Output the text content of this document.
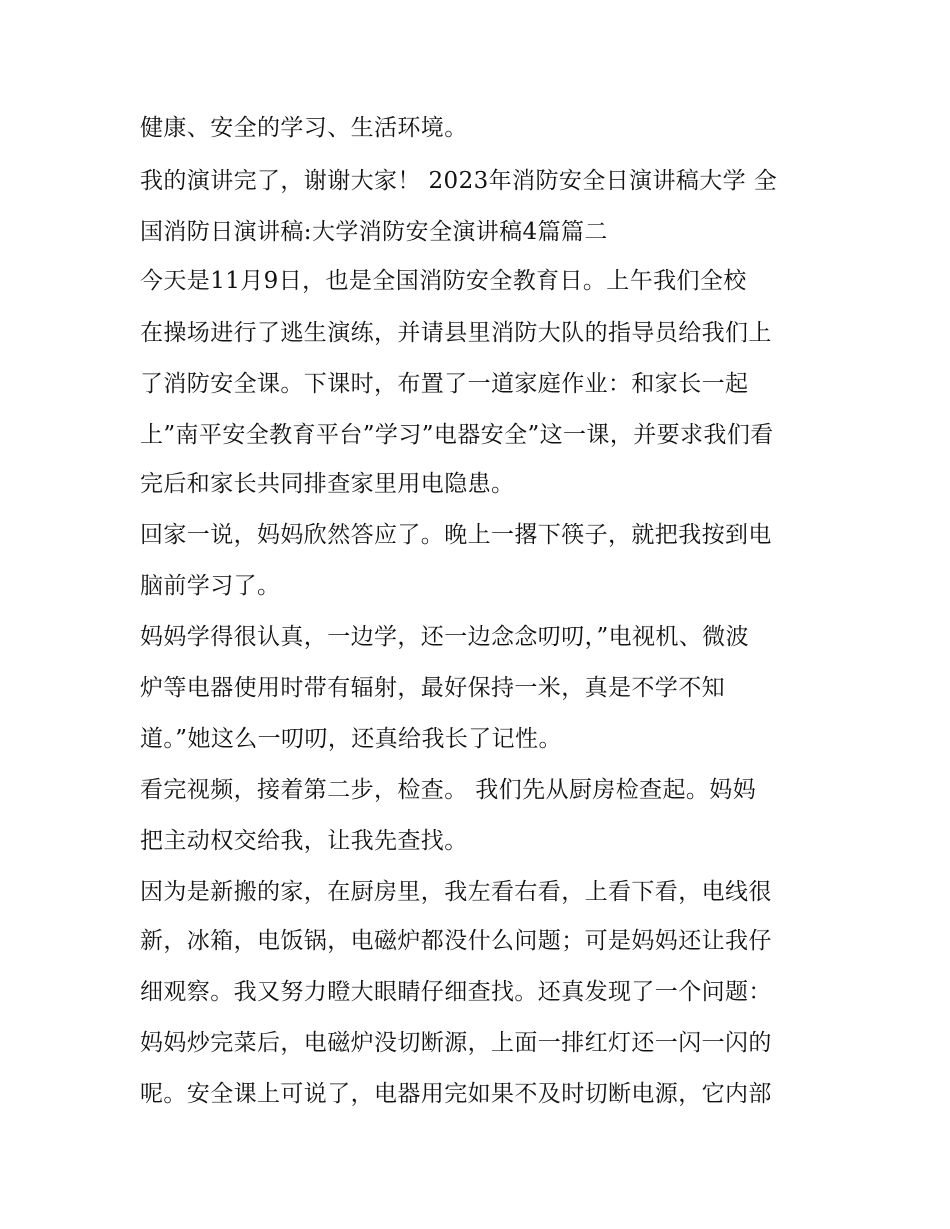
健康、安全的学习、生活环境。

我的演讲完了，谢谢大家！ 2023年消防安全日演讲稿大学 全

国消防日演讲稿:大学消防安全演讲稿4篇篇二

今天是11月9日，也是全国消防安全教育日。上午我们全校

在操场进行了逃生演练，并请县里消防大队的指导员给我们上

了消防安全课。下课时，布置了一道家庭作业：和家长一起

上”南平安全教育平台”学习”电器安全”这一课，并要求我们看

完后和家长共同排查家里用电隐患。

回家一说，妈妈欣然答应了。晚上一撂下筷子，就把我按到电

脑前学习了。

妈妈学得很认真，一边学，还一边念念叨叨，”电视机、微波

炉等电器使用时带有辐射，最好保持一米，真是不学不知

道。”她这么一叨叨，还真给我长了记性。

看完视频，接着第二步，检查。 我们先从厨房检查起。妈妈

把主动权交给我，让我先查找。

因为是新搬的家，在厨房里，我左看右看，上看下看，电线很

新，冰箱，电饭锅，电磁炉都没什么问题；可是妈妈还让我仔

细观察。我又努力瞪大眼睛仔细查找。还真发现了一个问题：

妈妈炒完菜后，电磁炉没切断源，上面一排红灯还一闪一闪的

呢。安全课上可说了，电器用完如果不及时切断电源，它内部
